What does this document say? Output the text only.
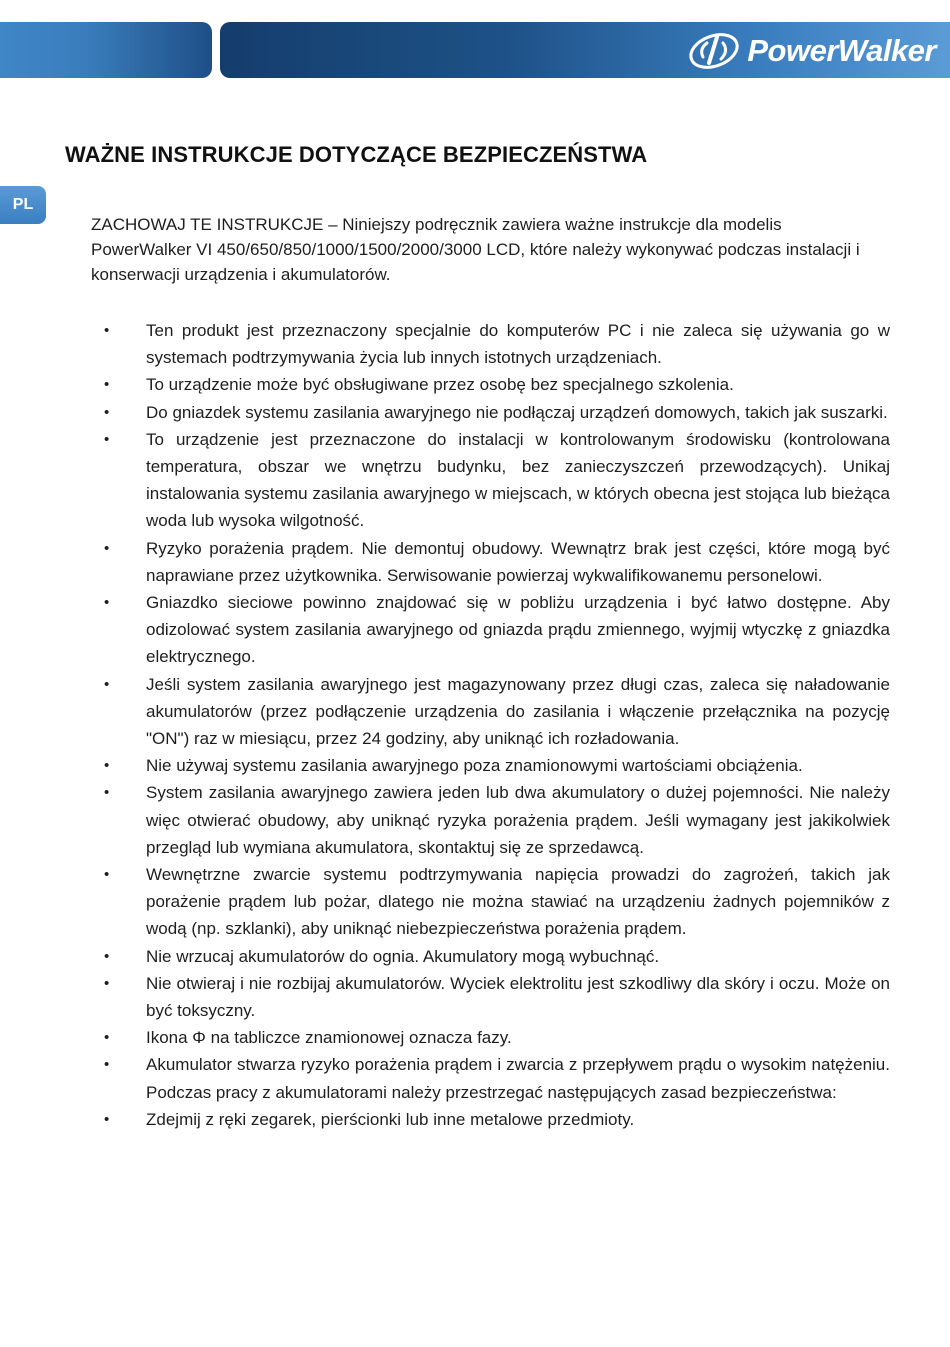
PowerWalker
PL
WAŻNE INSTRUKCJE DOTYCZĄCE BEZPIECZEŃSTWA

ZACHOWAJ TE INSTRUKCJE – Niniejszy podręcznik zawiera ważne instrukcje dla modelis PowerWalker VI 450/650/850/1000/1500/2000/3000 LCD, które należy wykonywać podczas instalacji i konserwacji urządzenia i akumulatorów.

• Ten produkt jest przeznaczony specjalnie do komputerów PC i nie zaleca się używania go w systemach podtrzymywania życia lub innych istotnych urządzeniach.
• To urządzenie może być obsługiwane przez osobę bez specjalnego szkolenia.
• Do gniazdek systemu zasilania awaryjnego nie podłączaj urządzeń domowych, takich jak suszarki.
• To urządzenie jest przeznaczone do instalacji w kontrolowanym środowisku (kontrolowana temperatura, obszar we wnętrzu budynku, bez zanieczyszczeń przewodzących). Unikaj instalowania systemu zasilania awaryjnego w miejscach, w których obecna jest stojąca lub bieżąca woda lub wysoka wilgotność.
• Ryzyko porażenia prądem. Nie demontuj obudowy. Wewnątrz brak jest części, które mogą być naprawiane przez użytkownika. Serwisowanie powierzaj wykwalifikowanemu personelowi.
• Gniazdko sieciowe powinno znajdować się w pobliżu urządzenia i być łatwo dostępne. Aby odizolować system zasilania awaryjnego od gniazda prądu zmiennego, wyjmij wtyczkę z gniazdka elektrycznego.
• Jeśli system zasilania awaryjnego jest magazynowany przez długi czas, zaleca się naładowanie akumulatorów (przez podłączenie urządzenia do zasilania i włączenie przełącznika na pozycję "ON") raz w miesiącu, przez 24 godziny, aby uniknąć ich rozładowania.
• Nie używaj systemu zasilania awaryjnego poza znamionowymi wartościami obciążenia.
• System zasilania awaryjnego zawiera jeden lub dwa akumulatory o dużej pojemności. Nie należy więc otwierać obudowy, aby uniknąć ryzyka porażenia prądem. Jeśli wymagany jest jakikolwiek przegląd lub wymiana akumulatora, skontaktuj się ze sprzedawcą.
• Wewnętrzne zwarcie systemu podtrzymywania napięcia prowadzi do zagrożeń, takich jak porażenie prądem lub pożar, dlatego nie można stawiać na urządzeniu żadnych pojemników z wodą (np. szklanki), aby uniknąć niebezpieczeństwa porażenia prądem.
• Nie wrzucaj akumulatorów do ognia. Akumulatory mogą wybuchnąć.
• Nie otwieraj i nie rozbijaj akumulatorów. Wyciek elektrolitu jest szkodliwy dla skóry i oczu. Może on być toksyczny.
• Ikona Φ na tabliczce znamionowej oznacza fazy.
• Akumulator stwarza ryzyko porażenia prądem i zwarcia z przepływem prądu o wysokim natężeniu. Podczas pracy z akumulatorami należy przestrzegać następujących zasad bezpieczeństwa:
• Zdejmij z ręki zegarek, pierścionki lub inne metalowe przedmioty.
